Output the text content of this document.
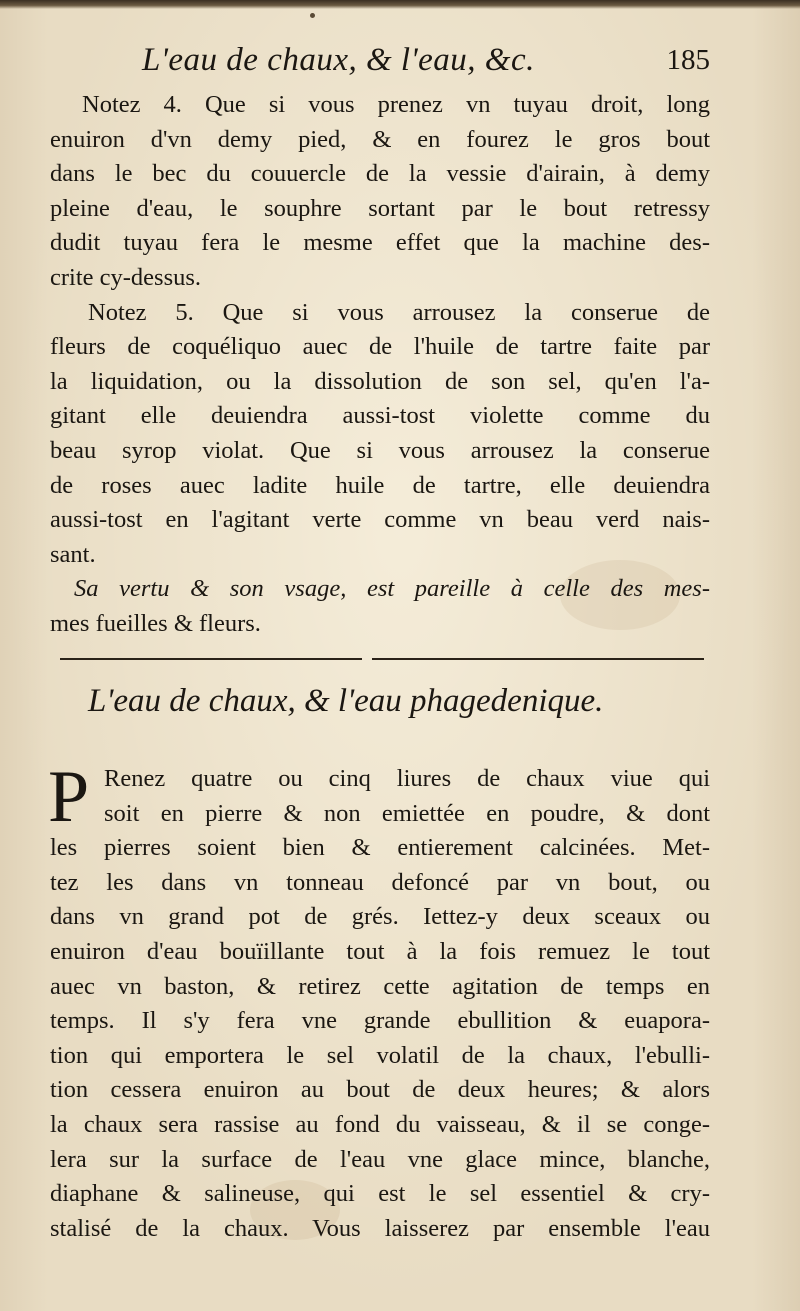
L'eau de chaux, & l'eau, &c.	185
Notez 4. Que si vous prenez vn tuyau droit, long
enuiron d'vn demy pied, & en fourez le gros bout
dans le bec du couuercle de la vessie d'airain, à demy
pleine d'eau, le souphre sortant par le bout retressy
dudit tuyau fera le mesme effet que la machine des-
crite cy-dessus.
Notez 5. Que si vous arrousez la conserue de
fleurs de coquéliquo auec de l'huile de tartre faite par
la liquidation, ou la dissolution de son sel, qu'en l'a-
gitant elle deuiendra aussi-tost violette comme du
beau syrop violat. Que si vous arrousez la conserue
de roses auec ladite huile de tartre, elle deuiendra
aussi-tost en l'agitant verte comme vn beau verd nais-
sant.
Sa vertu & son vsage, est pareille à celle des mes-
mes fueilles & fleurs.
L'eau de chaux, & l'eau phagedenique.
P Renez quatre ou cinq liures de chaux viue qui
soit en pierre & non emiettée en poudre, & dont
les pierres soient bien & entierement calcinées. Met-
tez les dans vn tonneau defoncé par vn bout, ou
dans vn grand pot de grés. Iettez-y deux sceaux ou
enuiron d'eau bouïillante tout à la fois remuez le tout
auec vn baston, & retirez cette agitation de temps en
temps. Il s'y fera vne grande ebullition & euapora-
tion qui emportera le sel volatil de la chaux, l'ebulli-
tion cessera enuiron au bout de deux heures; & alors
la chaux sera rassise au fond du vaisseau, & il se conge-
lera sur la surface de l'eau vne glace mince, blanche,
diaphane & salineuse, qui est le sel essentiel & cry-
stalisé de la chaux. Vous laisserez par ensemble l'eau
